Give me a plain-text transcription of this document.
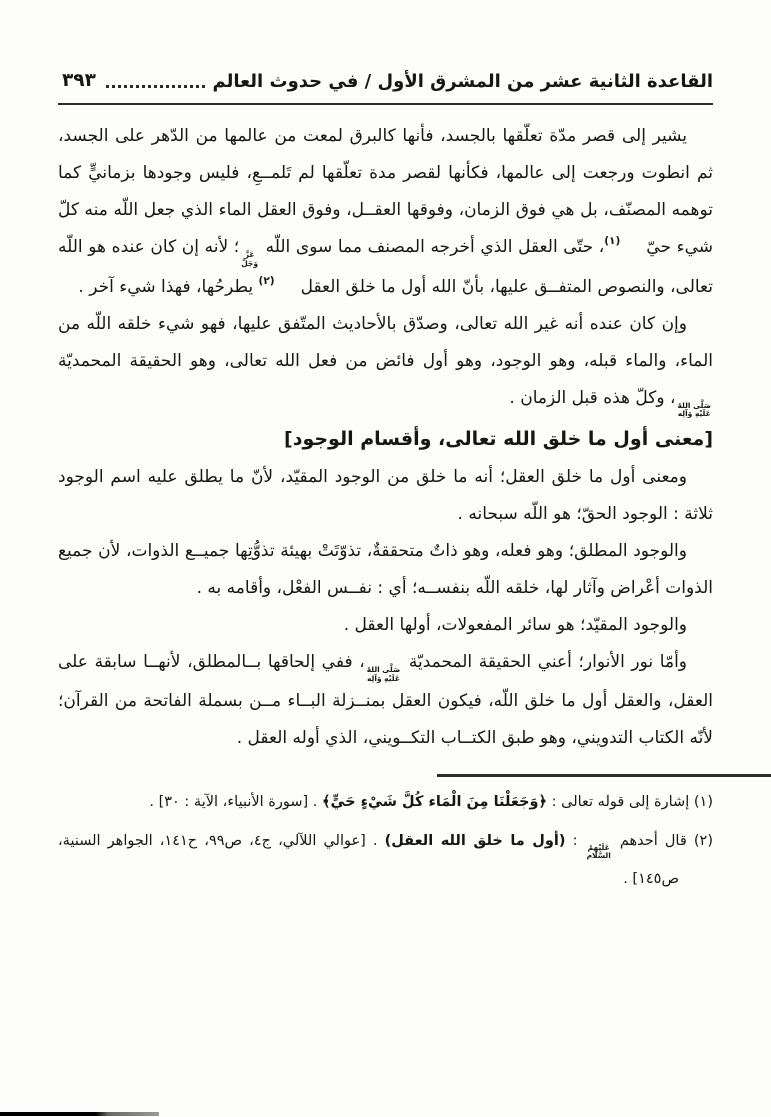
القاعدة الثانية عشر من المشرق الأول / في حدوث العالم
٣٩٣

يشير إلى قصر مدّة تعلّقها بالجسد، فأنها كالبرق لمعت من عالمها من الدّهر على الجسد، ثم انطوت ورجعت إلى عالمها، فكأنها لقصر مدة تعلّقها لم تَلمــعِ، فليس وجودها بزمانيٍّ كما توهمه المصنّف، بل هي فوق الزمان، وفوقها العقــل، وفوق العقل الماء الذي جعل اللّه منه كلّ شيء حيّ(١)، حتّى العقل الذي أخرجه المصنف مما سوى اللّه
عَزَّ
وَجَلَّ
؛ لأنه إن كان عنده هو اللّه تعالى، والنصوص المتفــق عليها، بأنّ الله أول ما خلق العقل(٢) يطرحُها، فهذا شيء آخر .

وإن كان عنده أنه غير الله تعالى، وصدّق بالأحاديث المتّفق عليها، فهو شيء خلقه اللّه من الماء، والماء قبله، وهو الوجود، وهو أول فائض من فعل الله تعالى، وهو الحقيقة المحمديّة
صَلَّى اللهُ
عَلَيْهِ وَآلِه
، وكلّ هذه قبل الزمان .

[معنى أول ما خلق الله تعالى، وأقسام الوجود]

ومعنى أول ما خلق العقل؛ أنه ما خلق من الوجود المقيّد، لأنّ ما يطلق عليه اسم الوجود ثلاثة : الوجود الحقّ؛ هو اللّه سبحانه .

والوجود المطلق؛ وهو فعله، وهو ذاتٌ متحققةٌ، تذوّتَتْ بهيئة تذوُّتِها جميــع الذوات، لأن جميع الذوات أعْراض وآثار لها، خلقه اللّه بنفســه؛ أي : نفــس الفعْل، وأقامه به .

والوجود المقيّد؛ هو سائر المفعولات، أولها العقل .

وأمّا نور الأنوار؛ أعني الحقيقة المحمديّة
صَلَّى اللهُ
عَلَيْهِ وَآلِه
، ففي إلحاقها بــالمطلق، لأنهــا سابقة على العقل، والعقل أول ما خلق اللّه، فيكون العقل بمنــزلة البــاء مــن بسملة الفاتحة من القرآن؛ لأنّه الكتاب التدويني، وهو طبق الكتــاب التكــويني، الذي أوله العقل .

(١) إشارة إلى قوله تعالى : ﴿وَجَعَلْنَا مِنَ الْمَاء كُلَّ شَيْءٍ حَيٍّ﴾ . [سورة الأنبياء، الآية : ٣٠] .

(٢) قال أحدهم
عَلَيْهِمُ
السَّلام
: (أول ما خلق الله العقل) . [عوالي اللآلي، ج٤، ص٩٩، ح١٤١، الجواهر السنية، ص١٤٥] .
